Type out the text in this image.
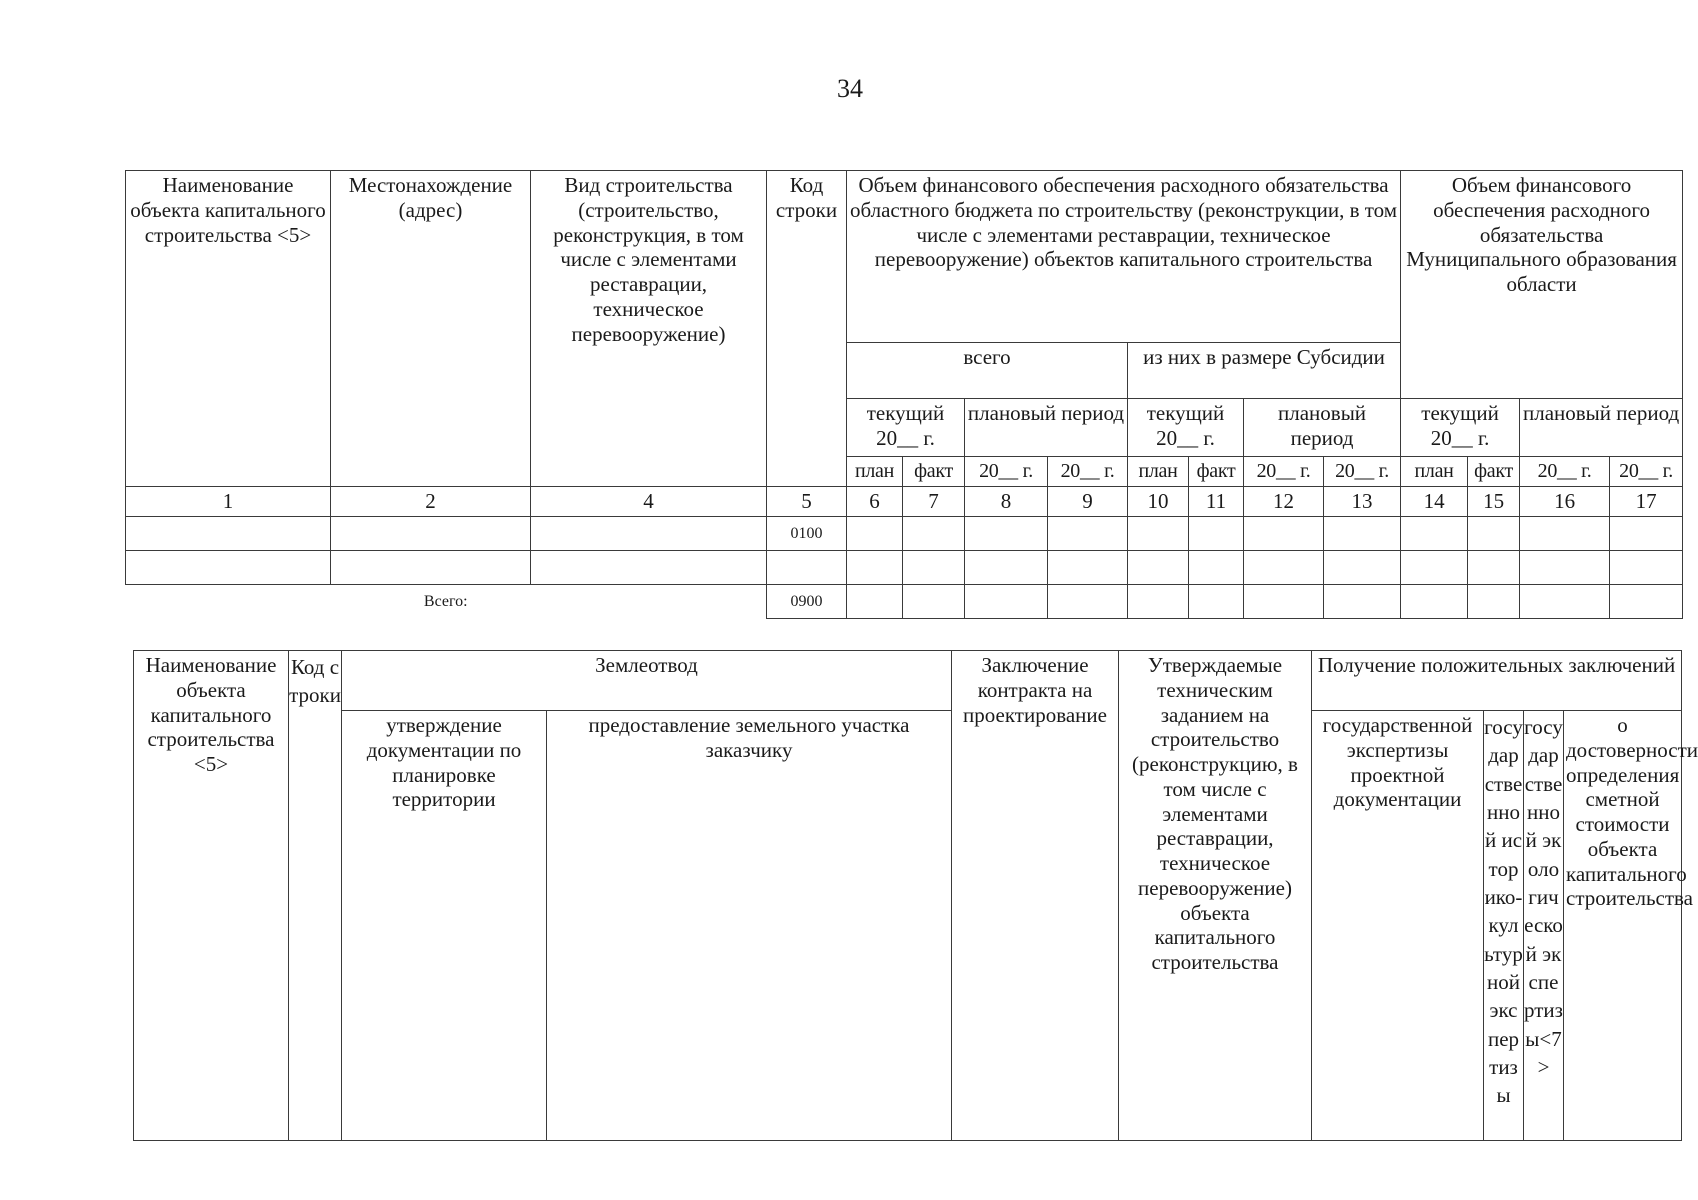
34
Наименование объекта капитального строительства <5>	Местонахождение (адрес)	Вид строительства (строительство, реконструкция, в том числе с элементами реставрации, техническое перевооружение)	Код строки	Объем финансового обеспечения расходного обязательства областного бюджета по строительству (реконструкции, в том числе с элементами реставрации, техническое перевооружение) объектов капитального строительства								Объем финансового обеспечения расходного обязательства Муниципального образования области			
				всего				из них в размере Субсидии							
				текущий 20__ г.		плановый период		текущий 20__ г.		плановый период		текущий 20__ г.		плановый период	
				план	факт	20__ г.	20__ г.	план	факт	20__ г.	20__ г.	план	факт	20__ г.	20__ г.
1	2	4	5	6	7	8	9	10	11	12	13	14	15	16	17
			0100												

Всего:			0900												
Наименование объекта капитального строительства <5>	Код строки	Землеотвод		Заключение контракта на проектирование	Утверждаемые техническим заданием на строительство (реконструкцию, в том числе с элементами реставрации, техническое перевооружение) объекта капитального строительства	Получение положительных заключений			
		утверждение документации по планировке территории	предоставление земельного участка заказчику			государственной экспертизы проектной документации	государственной историко-культурной экспертизы	государственной экологической экспертизы<7>	о достоверности определения сметной стоимости объекта капитального строительства
